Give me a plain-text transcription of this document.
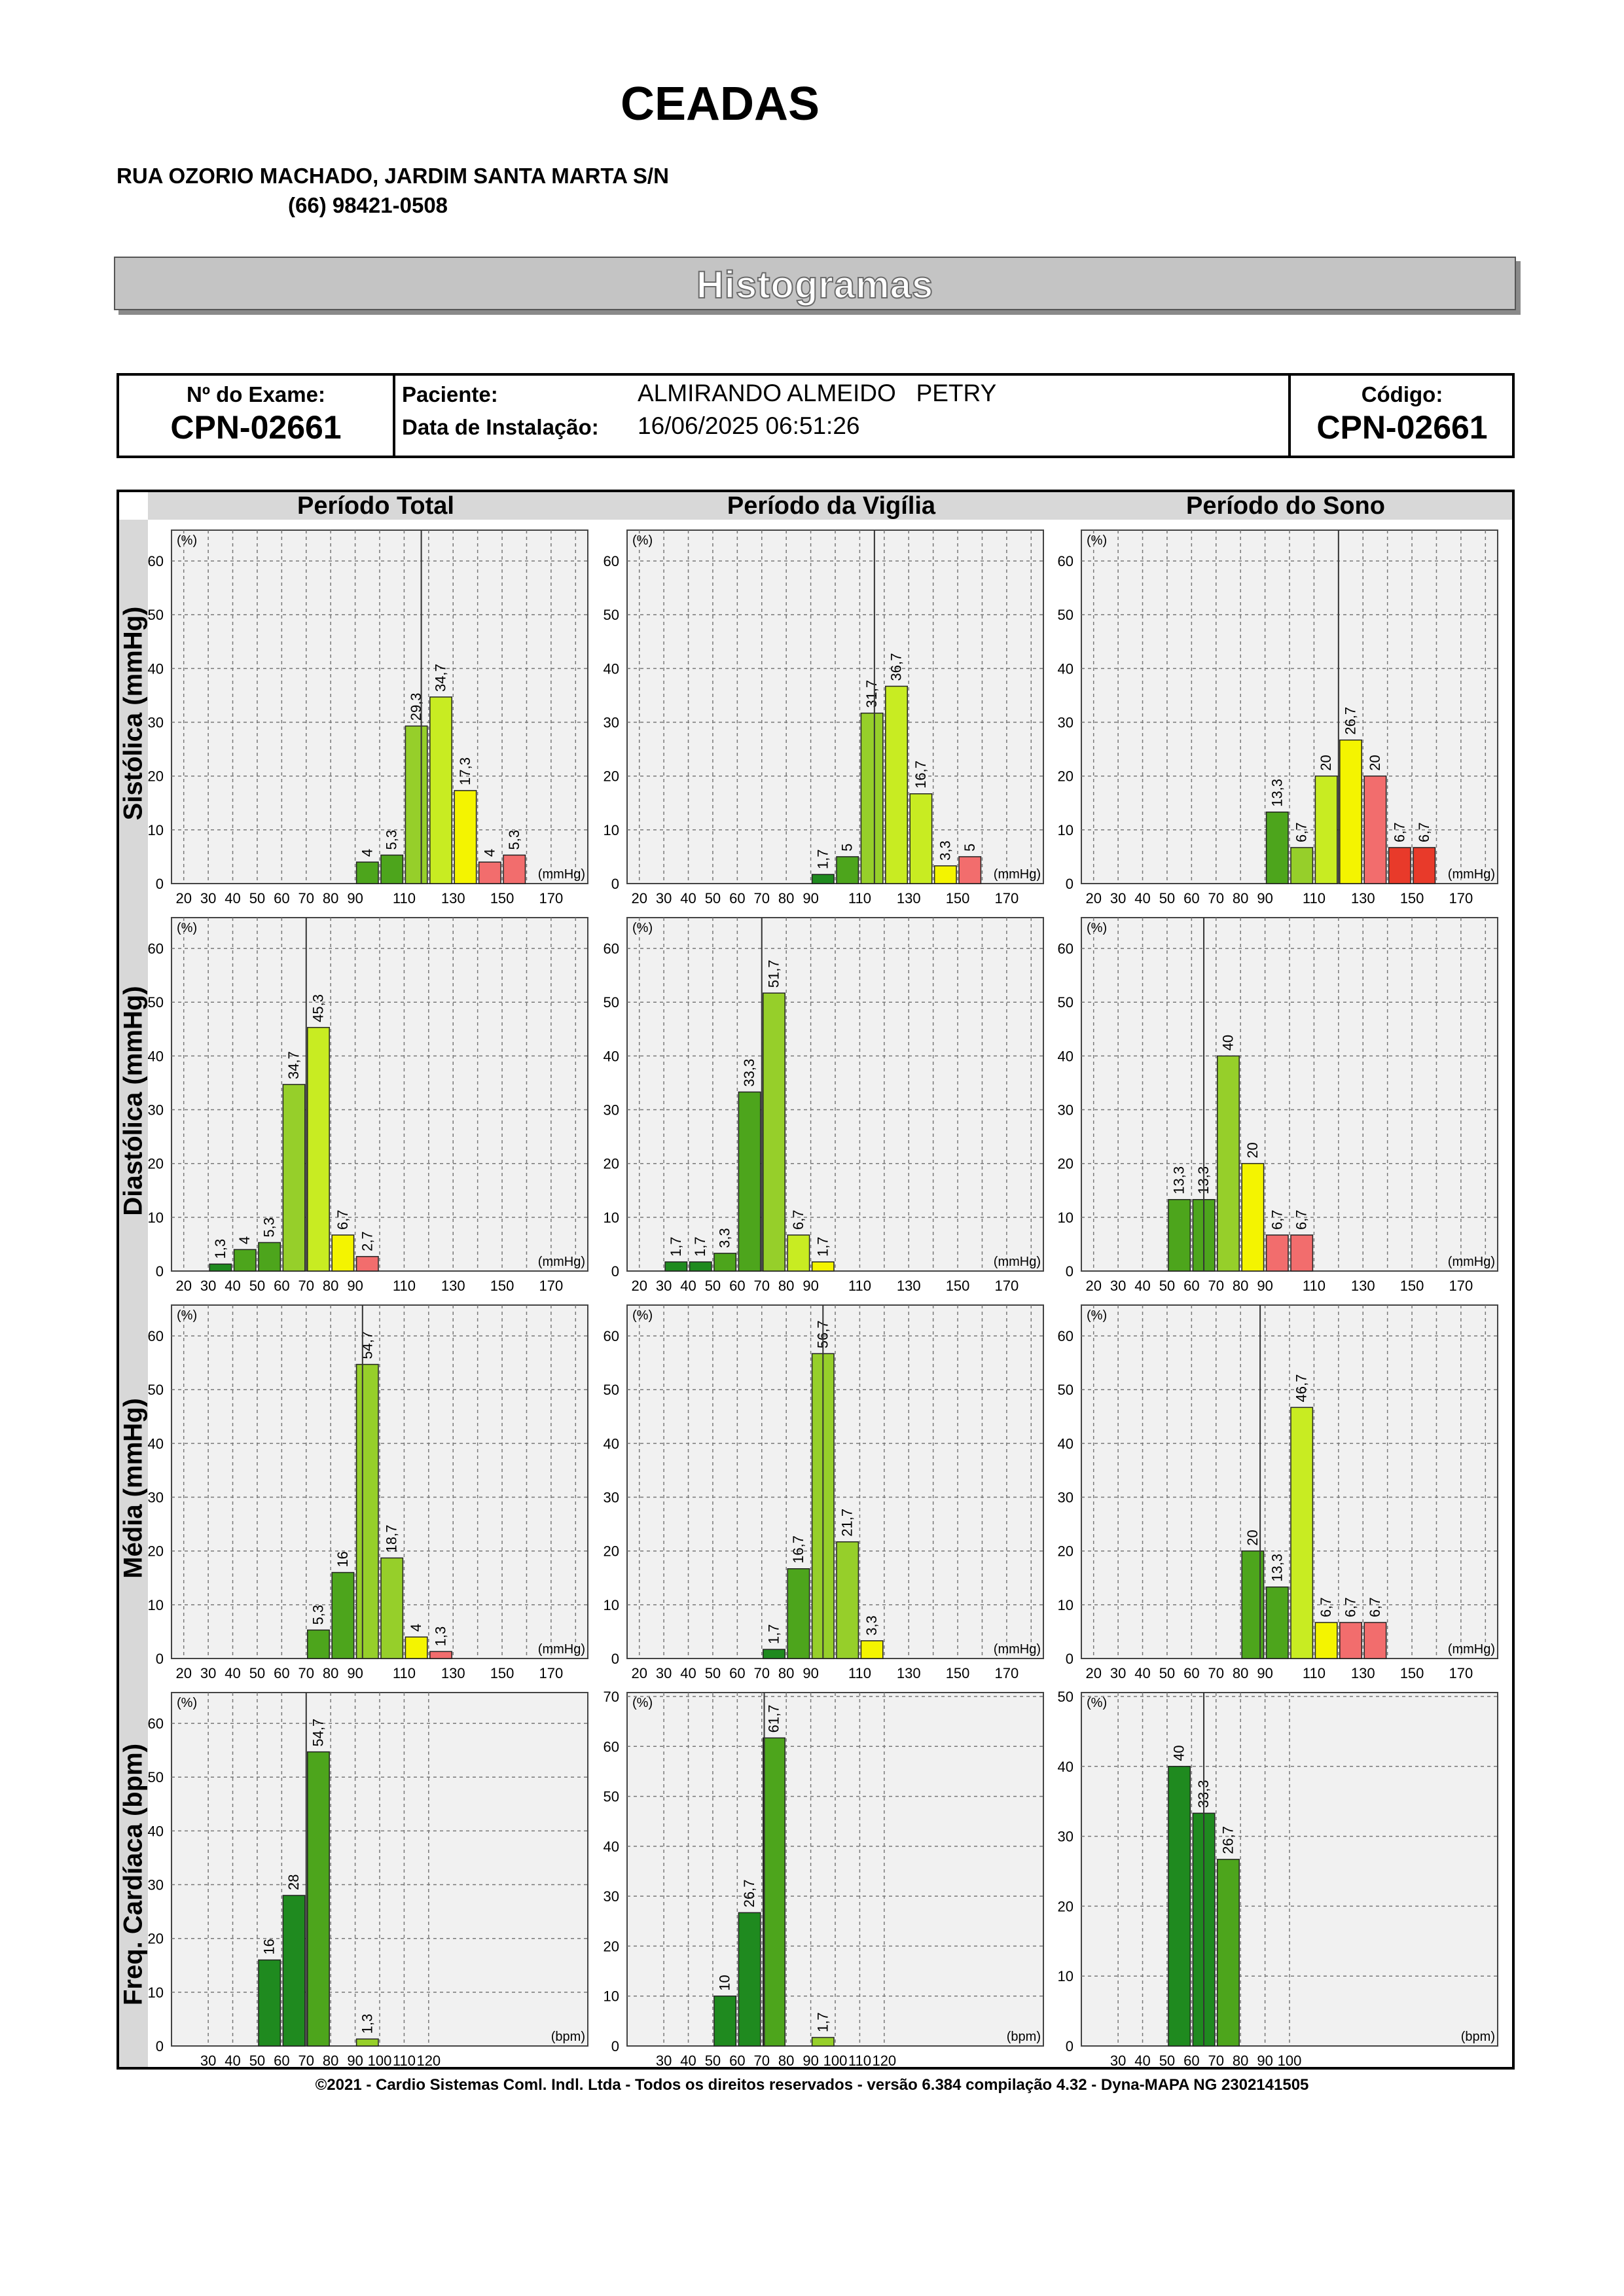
CEADAS
RUA OZORIO MACHADO, JARDIM SANTA MARTA S/N
(66) 98421-0508
Histogramas
Nº do Exame:
CPN-02661
Paciente:	ALMIRANDO ALMEIDO   PETRY
Data de Instalação: 16/06/2025 06:51:26
Código:
CPN-02661
Período Total	Período da Vigília	Período do Sono
Sistólica (mmHg)
Diastólica (mmHg)
Média (mmHg)
Freq. Cardíaca (bpm)
0
10
20
30
40
50
60
20 30 40 50 60 70 80 90 110 130 150 170
(%)
(mmHg)
4
5,3
29,3
34,7
17,3
4
5,3
0
10
20
30
40
50
60
20 30 40 50 60 70 80 90 110 130 150 170
(%)
(mmHg)
1,7
5
31,7
36,7
16,7
3,3 5
0
10
20
30
40
50
60
20 30 40 50 60 70 80 90 110 130 150 170
(%)
(mmHg)
13,3
6,7
20
26,7
20
6,7 6,7
0
10
20
30
40
50
60
20 30 40 50 60 70 80 90 110 130 150 170
(%)
(mmHg)
1,3 4
5,3
34,7
45,3
6,7
2,7
0
10
20
30
40
50
60
20 30 40 50 60 70 80 90 110 130 150 170
(%)
(mmHg)
1,7 1,7 3,3
33,3
51,7
6,7
1,7
0
10
20
30
40
50
60
20 30 40 50 60 70 80 90 110 130 150 170
(%)
(mmHg)
13,3 13,3
40
20
6,7 6,7
0
10
20
30
40
50
60
20 30 40 50 60 70 80 90 110 130 150 170
(%)
(mmHg)
5,3
16
54,7
18,7
4 1,3
0
10
20
30
40
50
60
20 30 40 50 60 70 80 90 110 130 150 170
(%)
(mmHg)
1,7
16,7
56,7
21,7
3,3
0
10
20
30
40
50
60
20 30 40 50 60 70 80 90 110 130 150 170
(%)
(mmHg)
20
13,3
46,7
6,7 6,7 6,7
0
10
20
30
40
50
60
30 40 50 60 70 80 90 100 110 120
(%)
(bpm)
16
28
54,7
1,3
0
10
20
30
40
50
60
70
30 40 50 60 70 80 90 100 110 120
(%)
(bpm)
10
26,7
61,7
1,7
0
10
20
30
40
50
30 40 50 60 70 80 90 100
(%)
(bpm)
40
33,3
26,7
©2021 - Cardio Sistemas Coml. Indl. Ltda - Todos os direitos reservados - versão 6.384 compilação 4.32 - Dyna-MAPA NG 2302141505
